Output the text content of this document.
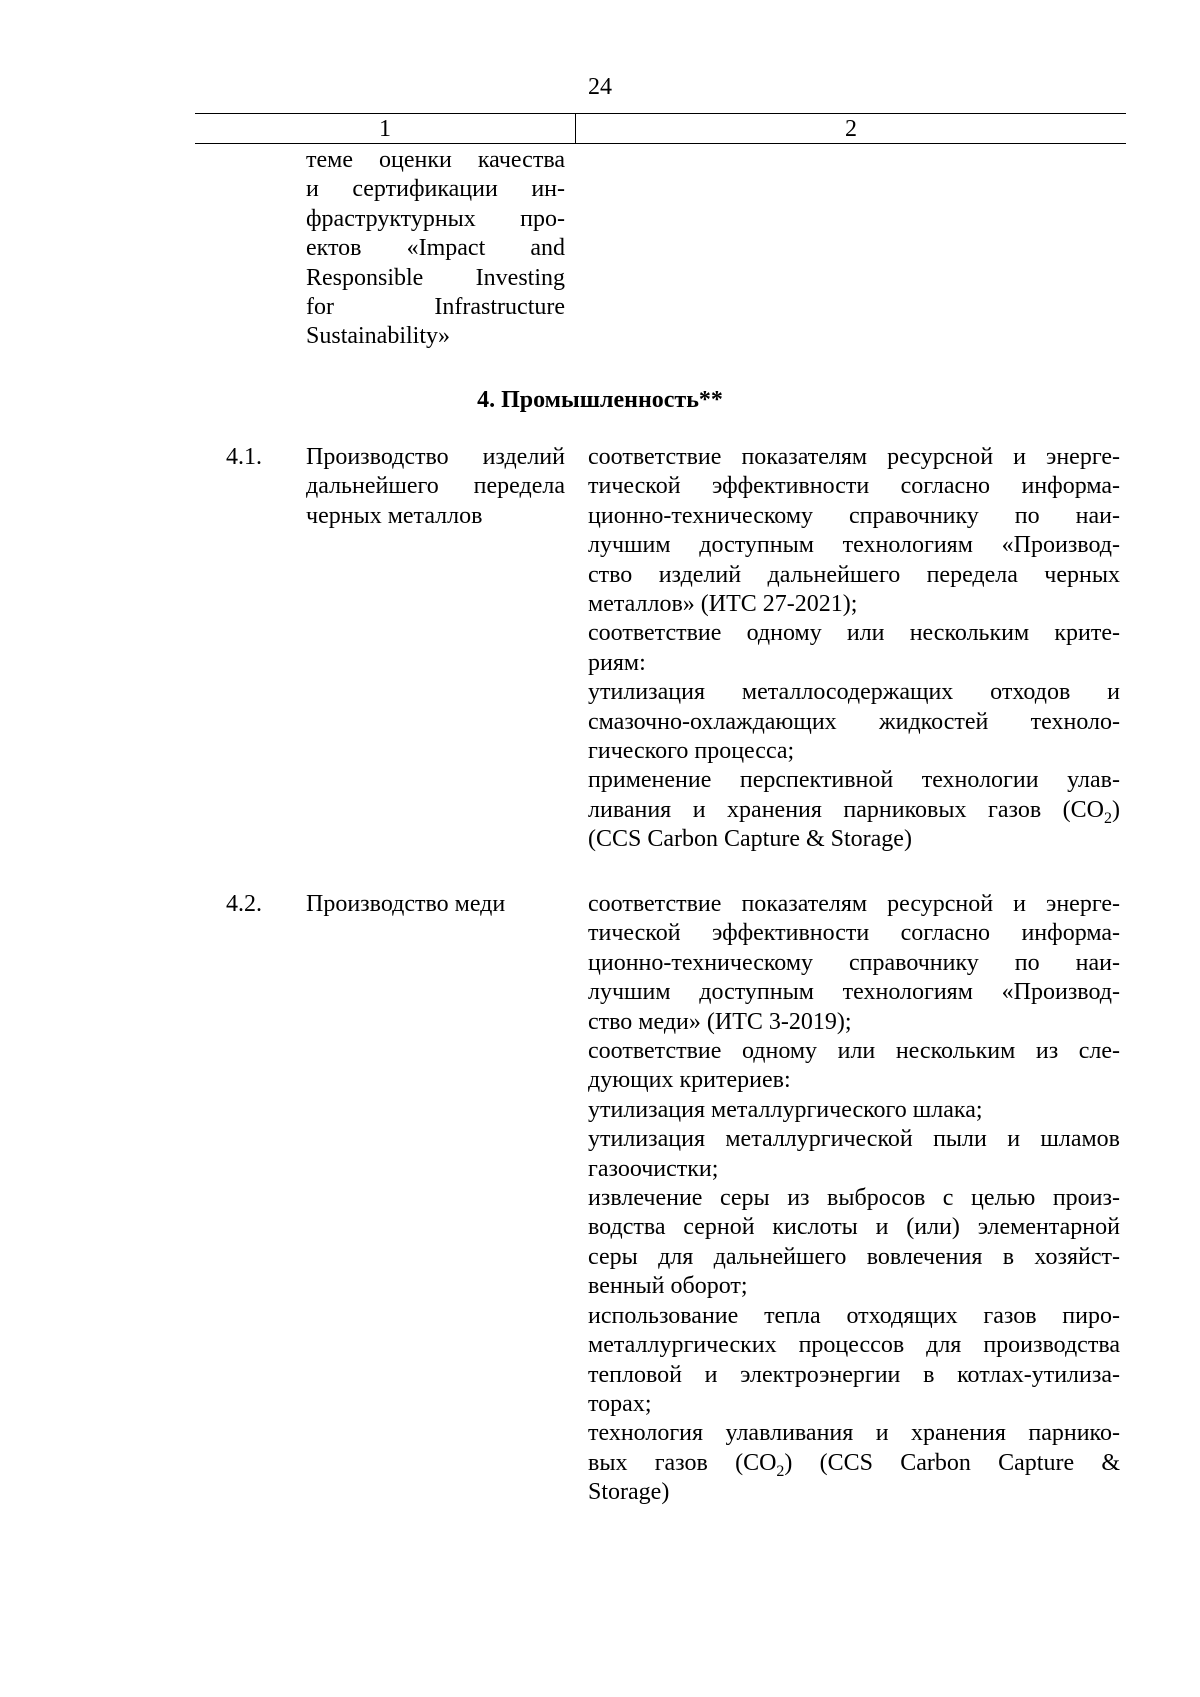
24
1	2
теме оценки качества
и сертификации ин-
фраструктурных про-
ектов «Impact and
Responsible Investing
for Infrastructure
Sustainability»
4. Промышленность**
4.1. Производство изделий
дальнейшего передела
черных металлов
соответствие показателям ресурсной и энерге-
тической эффективности согласно информа-
ционно-техническому справочнику по наи-
лучшим доступным технологиям «Производ-
ство изделий дальнейшего передела черных
металлов» (ИТС 27-2021);
соответствие одному или нескольким крите-
риям:
утилизация металлосодержащих отходов и
смазочно-охлаждающих жидкостей техноло-
гического процесса;
применение перспективной технологии улав-
ливания и хранения парниковых газов $(CO_2)$
(CCS Carbon Capture & Storage)
4.2. Производство меди	соответствие показателям ресурсной и энерге-
тической эффективности согласно информа-
ционно-техническому справочнику по наи-
лучшим доступным технологиям «Производ-
ство меди» (ИТС 3-2019);
соответствие одному или нескольким из сле-
дующих критериев:
утилизация металлургического шлака;
утилизация металлургической пыли и шламов
газоочистки;
извлечение серы из выбросов с целью произ-
водства серной кислоты и (или) элементарной
серы для дальнейшего вовлечения в хозяйст-
венный оборот;
использование тепла отходящих газов пиро-
металлургических процессов для производства
тепловой и электроэнергии в котлах-утилиза-
торах;
технология улавливания и хранения парнико-
вых газов $(CO_2)$ (CCS Carbon Capture &
Storage)
